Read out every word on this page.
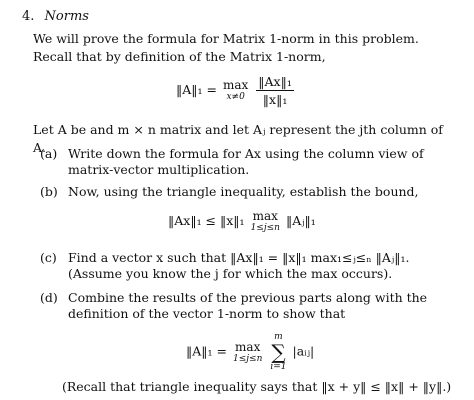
4. Norms
We will prove the formula for Matrix 1-norm in this problem. Recall that by definition of the Matrix 1-norm,
‖A‖₁ = max
x≠0
$\frac{\text{‖Ax‖₁}}{\text{‖x‖₁}}$
Let A be and m × n matrix and let Aⱼ represent the jth column of A.
(a) Write down the formula for Ax using the column view of matrix-vector multiplication.
(b) Now, using the triangle inequality, establish the bound,
‖Ax‖₁ ≤ ‖x‖₁ max
1≤j≤n ‖Aⱼ‖₁
(c) Find a vector x such that ‖Ax‖₁ = ‖x‖₁ max₁≤ⱼ≤ₙ ‖Aⱼ‖₁. (Assume you know the j for which the max occurs).
(d) Combine the results of the previous parts along with the definition of the vector 1-norm to show that
‖A‖₁ = max
1≤j≤n

m
∑
i=1
|aᵢⱼ|
(Recall that triangle inequality says that ‖x + y‖ ≤ ‖x‖ + ‖y‖.)
